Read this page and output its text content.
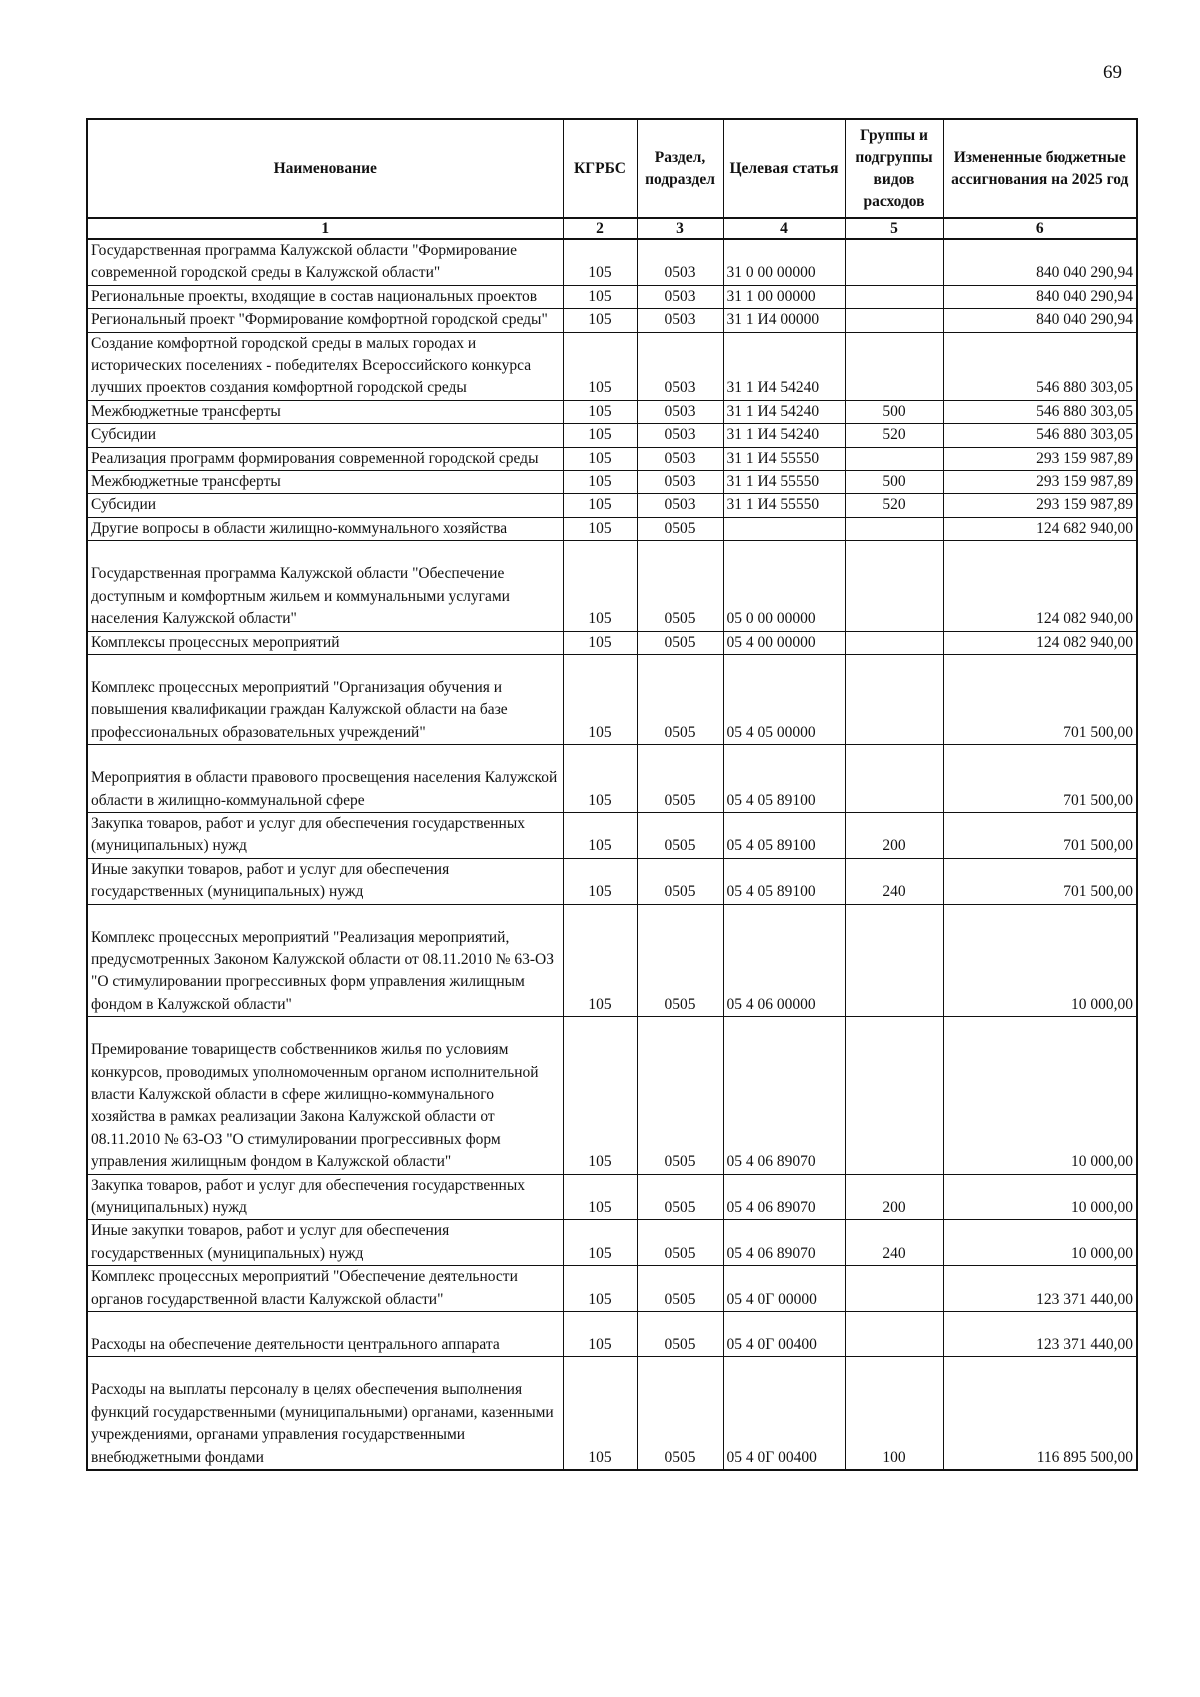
69
Наименование	КГРБС	Раздел, подраздел	Целевая статья	Группы и подгруппы видов расходов	Измененные бюджетные ассигнования на 2025 год
1	2	3	4	5	6
Государственная программа Калужской области "Формирование современной городской среды в Калужской области"	105	0503	31 0 00 00000		840 040 290,94
Региональные проекты, входящие в состав национальных проектов	105	0503	31 1 00 00000		840 040 290,94
Региональный проект "Формирование комфортной городской среды"	105	0503	31 1 И4 00000		840 040 290,94
Создание комфортной городской среды в малых городах и исторических поселениях - победителях Всероссийского конкурса лучших проектов создания комфортной городской среды	105	0503	31 1 И4 54240		546 880 303,05
Межбюджетные трансферты	105	0503	31 1 И4 54240	500	546 880 303,05
Субсидии	105	0503	31 1 И4 54240	520	546 880 303,05
Реализация программ формирования современной городской среды	105	0503	31 1 И4 55550		293 159 987,89
Межбюджетные трансферты	105	0503	31 1 И4 55550	500	293 159 987,89
Субсидии	105	0503	31 1 И4 55550	520	293 159 987,89
Другие вопросы в области жилищно-коммунального хозяйства	105	0505			124 682 940,00

Государственная программа Калужской области "Обеспечение доступным и комфортным жильем и коммунальными услугами населения Калужской области"	105	0505	05 0 00 00000		124 082 940,00
Комплексы процессных мероприятий	105	0505	05 4 00 00000		124 082 940,00

Комплекс процессных мероприятий "Организация обучения и повышения квалификации граждан Калужской области на базе профессиональных образовательных учреждений"	105	0505	05 4 05 00000		701 500,00

Мероприятия в области правового просвещения населения Калужской области в жилищно-коммунальной сфере	105	0505	05 4 05 89100		701 500,00
Закупка товаров, работ и услуг для обеспечения государственных (муниципальных) нужд	105	0505	05 4 05 89100	200	701 500,00
Иные закупки товаров, работ и услуг для обеспечения государственных (муниципальных) нужд	105	0505	05 4 05 89100	240	701 500,00

Комплекс процессных мероприятий "Реализация мероприятий, предусмотренных Законом Калужской области от 08.11.2010 № 63-ОЗ "О стимулировании прогрессивных форм управления жилищным фондом в Калужской области"	105	0505	05 4 06 00000		10 000,00

Премирование товариществ собственников жилья по условиям конкурсов, проводимых уполномоченным органом исполнительной власти Калужской области в сфере жилищно-коммунального хозяйства в рамках реализации Закона Калужской области от 08.11.2010 № 63-ОЗ "О стимулировании прогрессивных форм управления жилищным фондом в Калужской области"	105	0505	05 4 06 89070		10 000,00
Закупка товаров, работ и услуг для обеспечения государственных (муниципальных) нужд	105	0505	05 4 06 89070	200	10 000,00
Иные закупки товаров, работ и услуг для обеспечения государственных (муниципальных) нужд	105	0505	05 4 06 89070	240	10 000,00
Комплекс процессных мероприятий "Обеспечение деятельности органов государственной власти Калужской области"	105	0505	05 4 0Г 00000		123 371 440,00

Расходы на обеспечение деятельности центрального аппарата	105	0505	05 4 0Г 00400		123 371 440,00

Расходы на выплаты персоналу в целях обеспечения выполнения функций государственными (муниципальными) органами, казенными учреждениями, органами управления государственными внебюджетными фондами	105	0505	05 4 0Г 00400	100	116 895 500,00
